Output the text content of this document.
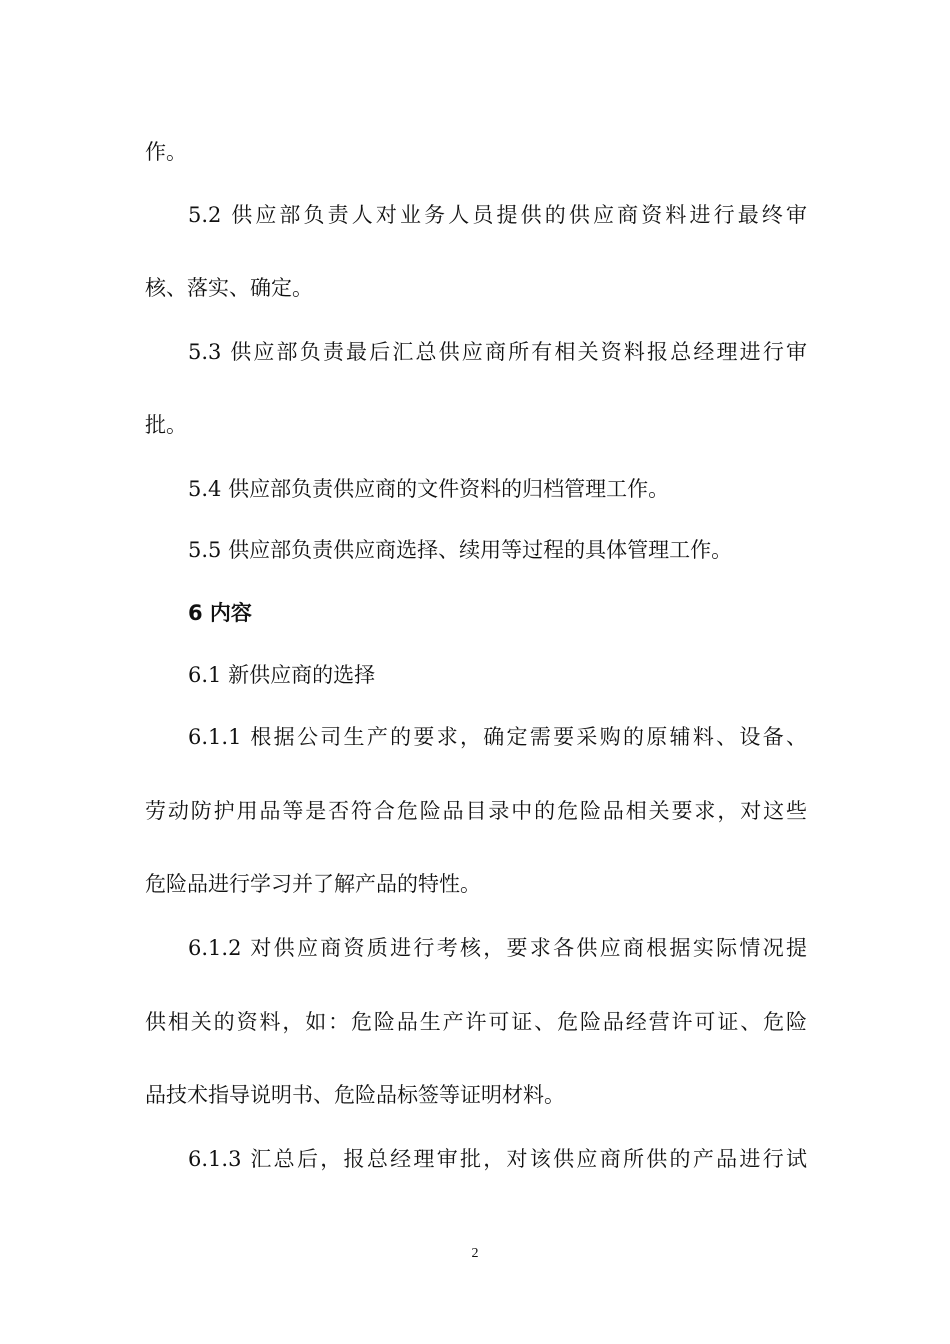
作。
5.2 供应部负责人对业务人员提供的供应商资料进行最终审
核、落实、确定。
5.3 供应部负责最后汇总供应商所有相关资料报总经理进行审
批。
5.4 供应部负责供应商的文件资料的归档管理工作。
5.5 供应部负责供应商选择、续用等过程的具体管理工作。
6 内容
6.1 新供应商的选择
6.1.1 根据公司生产的要求，确定需要采购的原辅料、设备、
劳动防护用品等是否符合危险品目录中的危险品相关要求，对这些
危险品进行学习并了解产品的特性。
6.1.2 对供应商资质进行考核，要求各供应商根据实际情况提
供相关的资料，如：危险品生产许可证、危险品经营许可证、危险
品技术指导说明书、危险品标签等证明材料。
6.1.3 汇总后，报总经理审批，对该供应商所供的产品进行试
2
